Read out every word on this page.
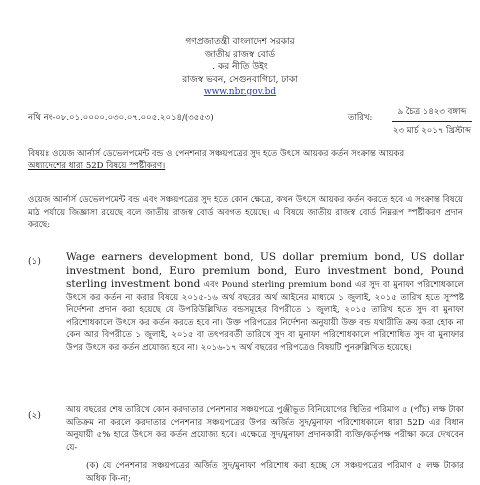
গণপ্রজাতন্ত্রী বাংলাদেশ সরকার
জাতীয় রাজস্ব বোর্ড
. কর নীতি উইং
রাজস্ব ভবন, সেগুনবাগিচা, ঢাকা
www.nbr.gov.bd
নথি নং-০৮.০১.০০০০.০৩০.০৭.০০৫.২০১৪/(৩৫৫৩)	তারিখ:
৯ চৈত্র ১৪২৩ বঙ্গাব্দ
২৩ মার্চ ২০১৭ খ্রিস্টাব্দ
বিষয়ঃ ওয়েজ আর্নার্স ডেভেলপমেন্ট বন্ড ও পেনশনার সঞ্চয়পত্রের সুদ হতে উৎসে আয়কর কর্তন সংক্রান্ত আয়কর
অধ্যাদেশের ধারা 52D বিষয়ে স্পষ্টীকরণ।
ওয়েজ আর্নার্স ডেভেলপমেন্ট বন্ড এবং সঞ্চয়পত্রের সুদ হতে কোন ক্ষেত্রে, কখন উৎসে আয়কর কর্তন করতে হবে এ সংক্রান্ত বিষয়ে মাঠ পর্যায়ে জিজ্ঞাসা রয়েছে বলে জাতীয় রাজস্ব বোর্ড অবগত হয়েছে। এ বিষয়ে জাতীয় রাজস্ব বোর্ড নিম্নরূপ স্পষ্টীকরণ প্রদান করছে:
(১) Wage earners development bond, US dollar premium bond, US dollar investment bond, Euro premium bond, Euro investment bond, Pound sterling investment bond এবং Pound sterling premium bond এর সুদ বা মুনাফা পরিশোধকালে উৎসে কর কর্তন না করার বিষয়ে ২০১৫-১৬ অর্থ বছরের অর্থ আইনের মাধ্যমে ১ জুলাই, ২০১৫ তারিখ হতে সুস্পষ্ট নির্দেশনা প্রদান করা হয়েছে যে উপরিউল্লিখিত বন্ডসমূহের বিপরীতে ১ জুলাই, ২০১৫ তারিখ হতে সুদ বা মুনাফা পরিশোধকালে উৎসে কর কর্তন করতে হবে না। উক্ত পরিপত্রের নির্দেশনা অনুযায়ী উক্ত বন্ড যথারীতি ক্রয় করা হোক না কেন আর বিপরীতে ১ জুলাই, ২০১৫ বা তৎপরবর্তী তারিখে সুদ বা মুনাফা পরিশোধকালে পরিশোধিত সুদ বা মুনাফার উপর উৎসে কর কর্তন প্রযোজ্য হবে না। ২০১৬-১৭ অর্থ বছরের পরিপত্রেও বিষয়টি পুনরুল্লিখিত হয়েছে।
(২)
আয় বছরের শেষ তারিখে কোন করদাতার পেনশনার সঞ্চয়পত্রে পুঞ্জীভূত বিনিয়োগের স্থিতির পরিমাণ ৫ (পাঁচ) লক্ষ টাকা অতিক্রম না করলে করদাতার পেনশনার সঞ্চয়পত্রের উপর অর্জিত সুদ/মুনাফা পরিশোধকালে ধারা 52D এর বিধান অনুযায়ী ৫% হারে উৎসে কর কর্তন প্রযোজ্য হবে। এক্ষেত্রে সুদ/মুনাফা প্রদানকারী ব্যক্তি/কর্তৃপক্ষ পরীক্ষা করে দেখবেন যে-
(ক) যে পেনশনার সঞ্চয়পত্রের অর্জিত সুদ/মুনাফা পরিশোধ করা হচ্ছে সে সঞ্চয়পত্রের পরিমাণ ৫ লক্ষ টাকার অধিক কি-না;
